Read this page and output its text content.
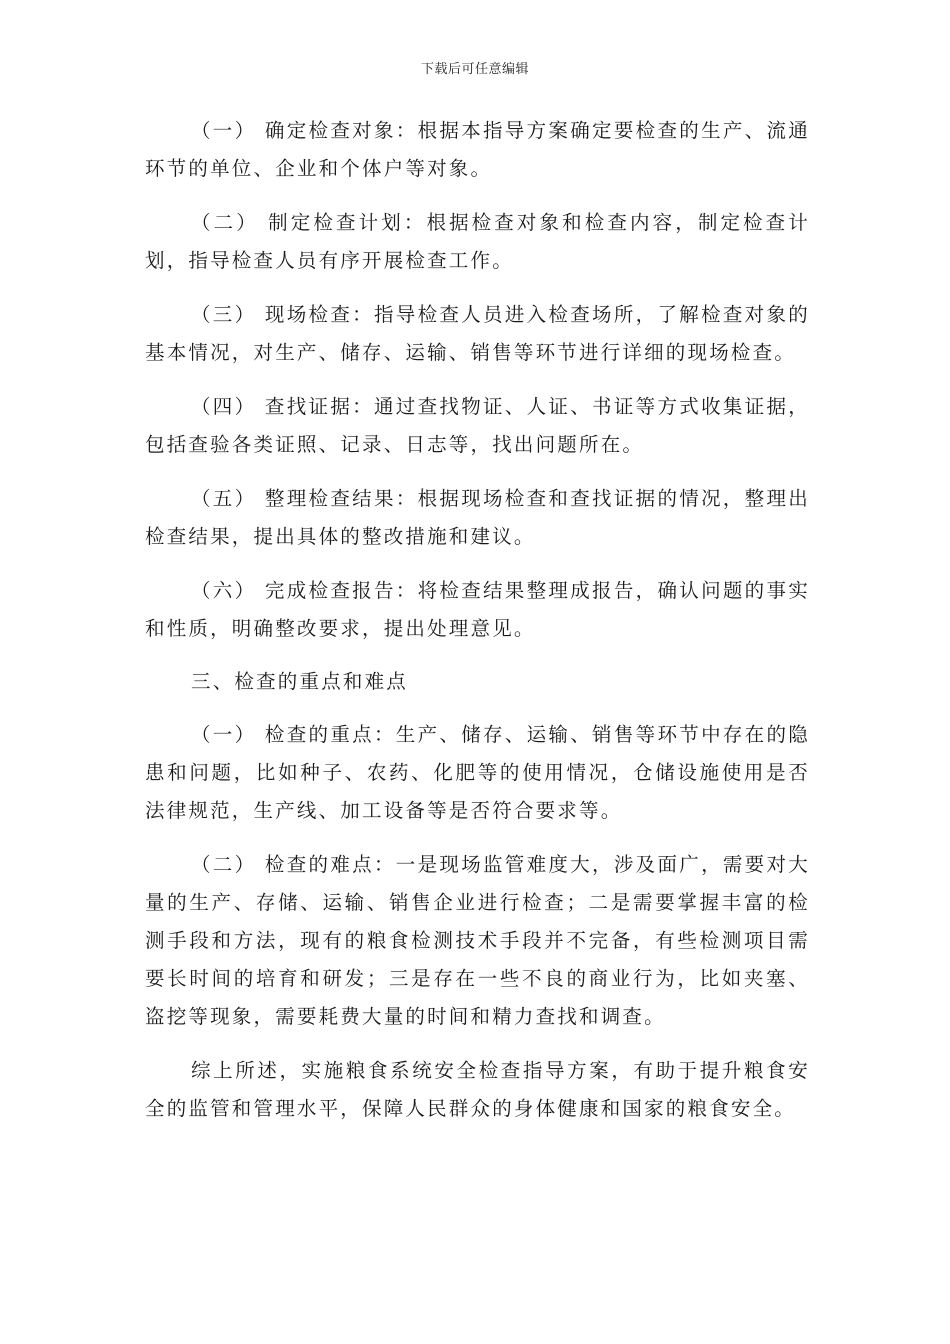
下载后可任意编辑

（一） 确定检查对象：根据本指导方案确定要检查的生产、流通环节的单位、企业和个体户等对象。

（二） 制定检查计划：根据检查对象和检查内容，制定检查计划，指导检查人员有序开展检查工作。

（三） 现场检查：指导检查人员进入检查场所，了解检查对象的基本情况，对生产、储存、运输、销售等环节进行详细的现场检查。

（四） 查找证据：通过查找物证、人证、书证等方式收集证据，包括查验各类证照、记录、日志等，找出问题所在。

（五） 整理检查结果：根据现场检查和查找证据的情况，整理出检查结果，提出具体的整改措施和建议。

（六） 完成检查报告：将检查结果整理成报告，确认问题的事实和性质，明确整改要求，提出处理意见。

三、检查的重点和难点

（一） 检查的重点：生产、储存、运输、销售等环节中存在的隐患和问题，比如种子、农药、化肥等的使用情况，仓储设施使用是否法律规范，生产线、加工设备等是否符合要求等。

（二） 检查的难点：一是现场监管难度大，涉及面广，需要对大量的生产、存储、运输、销售企业进行检查；二是需要掌握丰富的检测手段和方法，现有的粮食检测技术手段并不完备，有些检测项目需要长时间的培育和研发；三是存在一些不良的商业行为，比如夹塞、盗挖等现象，需要耗费大量的时间和精力查找和调查。

综上所述，实施粮食系统安全检查指导方案，有助于提升粮食安全的监管和管理水平，保障人民群众的身体健康和国家的粮食安全。
